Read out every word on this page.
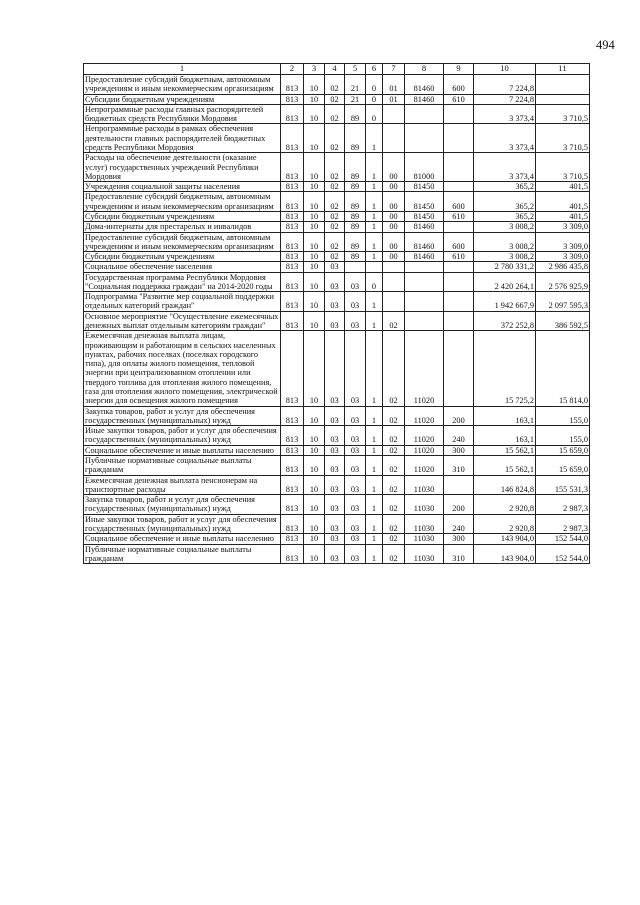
494
1	2	3	4	5	6	7	8	9	10	11
Предоставление субсидий бюджетным, автономным учреждениям и иным некоммерческим организациям	813	10	02	21	0	01	81460	600	7 224,8	
Субсидии бюджетным учреждениям	813	10	02	21	0	01	81460	610	7 224,8	
Непрограммные расходы главных распорядителей бюджетных средств Республики Мордовия	813	10	02	89	0				3 373,4	3 710,5
Непрограммные расходы в рамках обеспечения деятельности главных распорядителей бюджетных средств Республики Мордовия	813	10	02	89	1				3 373,4	3 710,5
Расходы на обеспечение деятельности (оказание услуг) государственных учреждений Республики Мордовия	813	10	02	89	1	00	81000		3 373,4	3 710,5
Учреждения социальной защиты населения	813	10	02	89	1	00	81450		365,2	401,5
Предоставление субсидий бюджетным, автономным учреждениям и иным некоммерческим организациям	813	10	02	89	1	00	81450	600	365,2	401,5
Субсидии бюджетным учреждениям	813	10	02	89	1	00	81450	610	365,2	401,5
Дома-интернаты для престарелых и инвалидов	813	10	02	89	1	00	81460		3 008,2	3 309,0
Предоставление субсидий бюджетным, автономным учреждениям и иным некоммерческим организациям	813	10	02	89	1	00	81460	600	3 008,2	3 309,0
Субсидии бюджетным учреждениям	813	10	02	89	1	00	81460	610	3 008,2	3 309,0
Социальное обеспечение населения	813	10	03						2 780 331,2	2 986 435,8
Государственная программа Республики Мордовия "Социальная поддержка граждан" на 2014-2020 годы	813	10	03	03	0				2 420 264,1	2 576 925,9
Подпрограмма "Развитие мер социальной поддержки отдельных категорий граждан"	813	10	03	03	1				1 942 667,9	2 097 595,3
Основное мероприятие "Осуществление ежемесячных денежных выплат отдельным категориям граждан"	813	10	03	03	1	02			372 252,8	386 592,5
Ежемесячная денежная выплата лицам, проживающим и работающим в сельских населенных пунктах, рабочих поселках (поселках городского типа), для оплаты жилого помещения, тепловой энергии при централизованном отоплении или твердого топлива для отопления жилого помещения, газа для отопления жилого помещения, электрической энергии для освещения жилого помещения	813	10	03	03	1	02	11020		15 725,2	15 814,0
Закупка товаров, работ и услуг для обеспечения государственных (муниципальных) нужд	813	10	03	03	1	02	11020	200	163,1	155,0
Иные закупки товаров, работ и услуг для обеспечения государственных (муниципальных) нужд	813	10	03	03	1	02	11020	240	163,1	155,0
Социальное обеспечение и иные выплаты населению	813	10	03	03	1	02	11020	300	15 562,1	15 659,0
Публичные нормативные социальные выплаты гражданам	813	10	03	03	1	02	11020	310	15 562,1	15 659,0
Ежемесячная денежная выплата пенсионерам на транспортные расходы	813	10	03	03	1	02	11030		146 824,8	155 531,3
Закупка товаров, работ и услуг для обеспечения государственных (муниципальных) нужд	813	10	03	03	1	02	11030	200	2 920,8	2 987,3
Иные закупки товаров, работ и услуг для обеспечения государственных (муниципальных) нужд	813	10	03	03	1	02	11030	240	2 920,8	2 987,3
Социальное обеспечение и иные выплаты населению	813	10	03	03	1	02	11030	300	143 904,0	152 544,0
Публичные нормативные социальные выплаты гражданам	813	10	03	03	1	02	11030	310	143 904,0	152 544,0
